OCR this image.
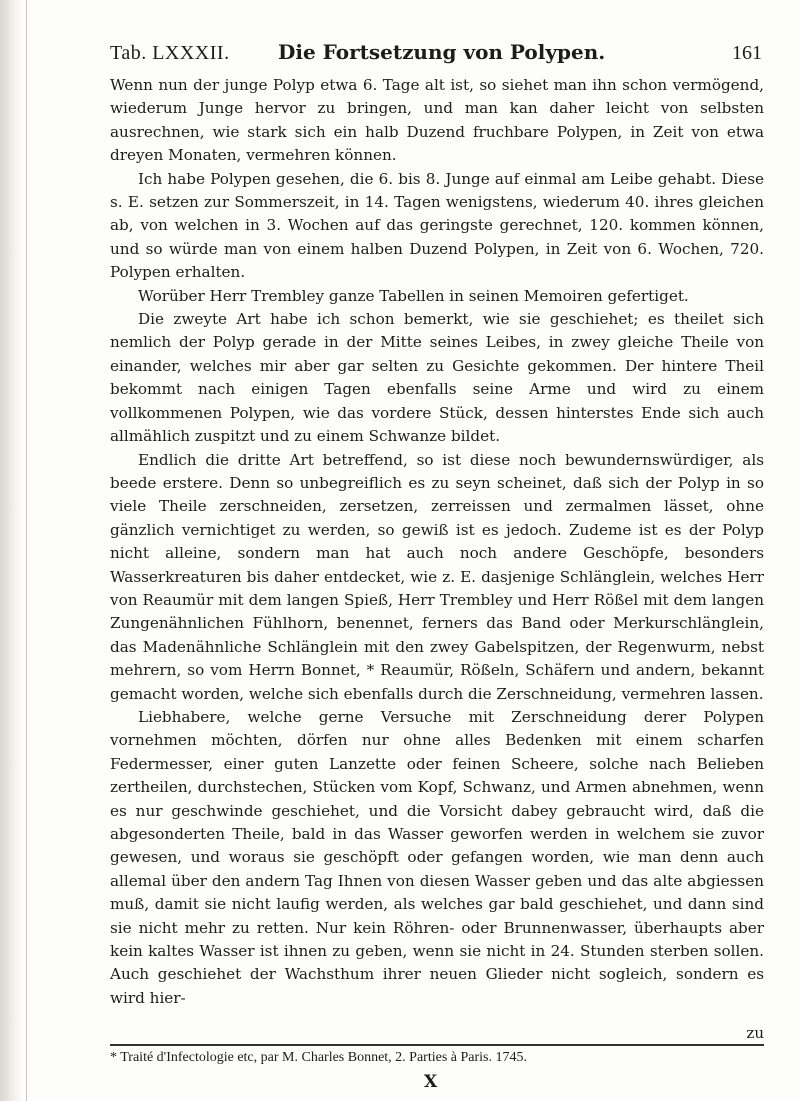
Tab. LXXXII. Die Fortsetzung von Polypen.	161

Wenn nun der junge Polyp etwa 6. Tage alt ist, so siehet man ihn schon vermögend, wiederum Junge hervor zu bringen, und man kan daher leicht von selbsten ausrechnen, wie stark sich ein halb Duzend fruchbare Polypen, in Zeit von etwa dreyen Monaten, vermehren können.

Ich habe Polypen gesehen, die 6. bis 8. Junge auf einmal am Leibe gehabt. Diese s. E. setzen zur Sommerszeit, in 14. Tagen wenigstens, wiederum 40. ihres gleichen ab, von welchen in 3. Wochen auf das geringste gerechnet, 120. kommen können, und so würde man von einem halben Duzend Polypen, in Zeit von 6. Wochen, 720. Polypen erhalten.

Worüber Herr Trembley ganze Tabellen in seinen Memoiren gefertiget.

Die zweyte Art habe ich schon bemerkt, wie sie geschiehet; es theilet sich nemlich der Polyp gerade in der Mitte seines Leibes, in zwey gleiche Theile von einander, welches mir aber gar selten zu Gesichte gekommen. Der hintere Theil bekommt nach einigen Tagen ebenfalls seine Arme und wird zu einem vollkommenen Polypen, wie das vordere Stück, dessen hinterstes Ende sich auch allmählich zuspitzt und zu einem Schwanze bildet.

Endlich die dritte Art betreffend, so ist diese noch bewundernswürdiger, als beede erstere. Denn so unbegreiflich es zu seyn scheinet, daß sich der Polyp in so viele Theile zerschneiden, zersetzen, zerreissen und zermalmen lässet, ohne gänzlich vernichtiget zu werden, so gewiß ist es jedoch. Zudeme ist es der Polyp nicht alleine, sondern man hat auch noch andere Geschöpfe, besonders Wasserkreaturen bis daher entdecket, wie z. E. dasjenige Schlänglein, welches Herr von Reaumür mit dem langen Spieß, Herr Trembley und Herr Rößel mit dem langen Zungenähnlichen Fühlhorn, benennet, ferners das Band oder Merkurschlänglein, das Madenähnliche Schlänglein mit den zwey Gabelspitzen, der Regenwurm, nebst mehrern, so vom Herrn Bonnet, * Reaumür, Rößeln, Schäfern und andern, bekannt gemacht worden, welche sich ebenfalls durch die Zerschneidung, vermehren lassen.

Liebhabere, welche gerne Versuche mit Zerschneidung derer Polypen vornehmen möchten, dörfen nur ohne alles Bedenken mit einem scharfen Federmesser, einer guten Lanzette oder feinen Scheere, solche nach Belieben zertheilen, durchstechen, Stücken vom Kopf, Schwanz, und Armen abnehmen, wenn es nur geschwinde geschiehet, und die Vorsicht dabey gebraucht wird, daß die abgesonderten Theile, bald in das Wasser geworfen werden in welchem sie zuvor gewesen, und woraus sie geschöpft oder gefangen worden, wie man denn auch allemal über den andern Tag Ihnen von diesen Wasser geben und das alte abgiessen muß, damit sie nicht laufig werden, als welches gar bald geschiehet, und dann sind sie nicht mehr zu retten. Nur kein Röhren- oder Brunnenwasser, überhaupts aber kein kaltes Wasser ist ihnen zu geben, wenn sie nicht in 24. Stunden sterben sollen. Auch geschiehet der Wachsthum ihrer neuen Glieder nicht sogleich, sondern es wird hier-

zu
* Traité d'Infectologie etc, par M. Charles Bonnet, 2. Parties à Paris. 1745.
X
